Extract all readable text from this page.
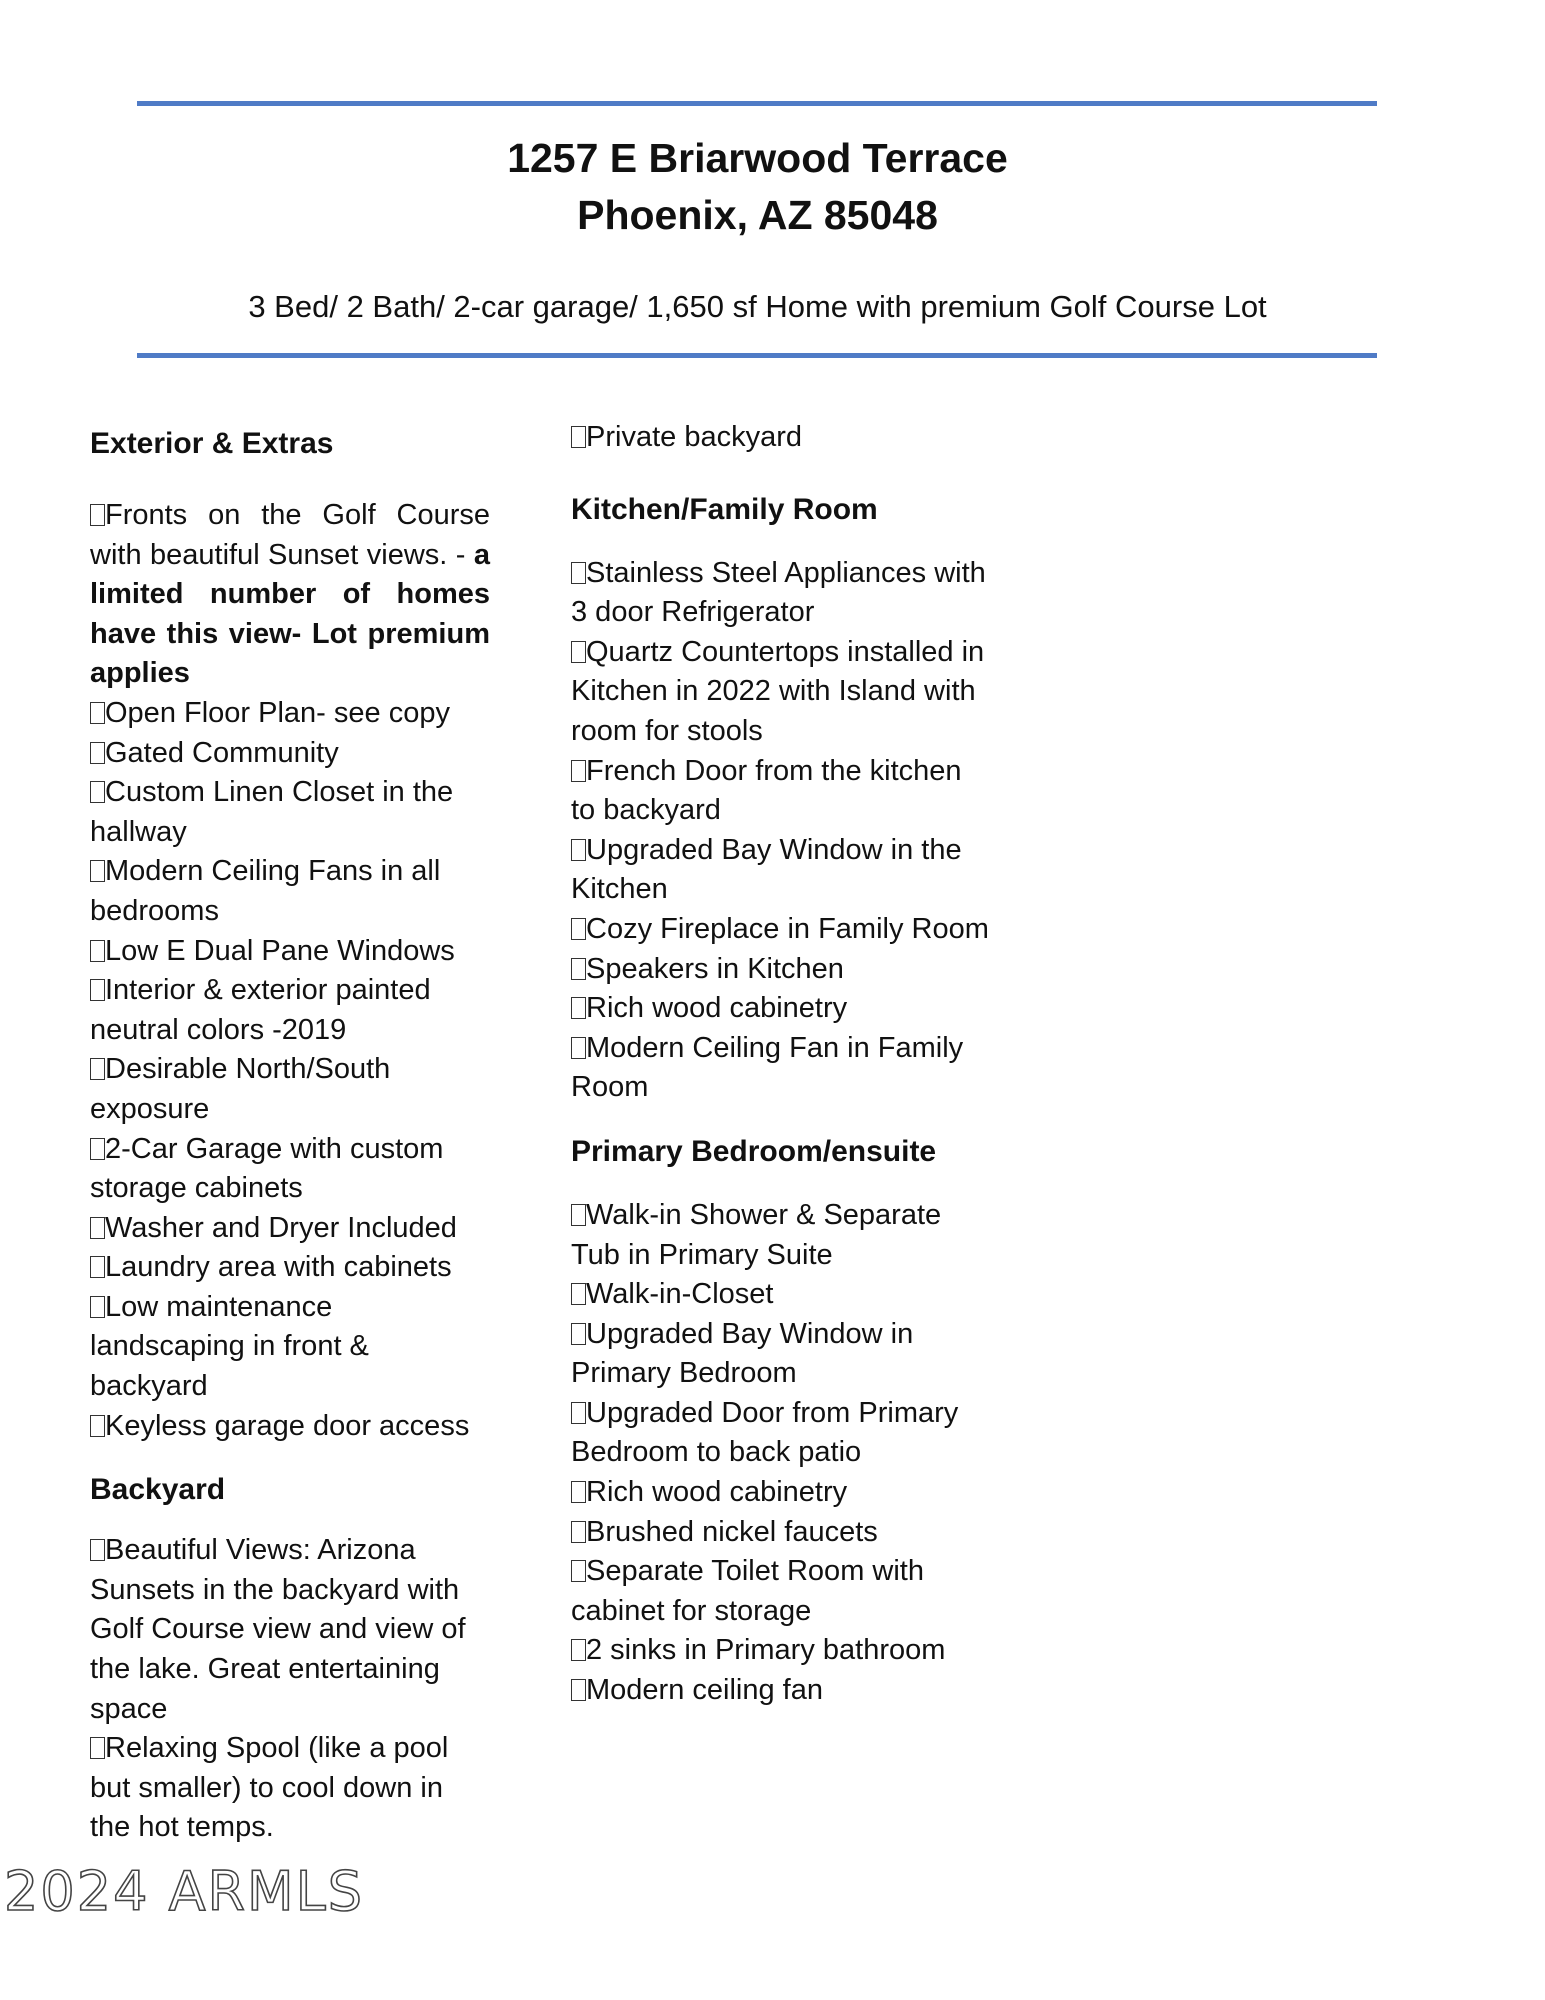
1257 E Briarwood Terrace
Phoenix, AZ 85048
3 Bed/ 2 Bath/ 2-car garage/ 1,650 sf Home with premium Golf Course Lot
Exterior & Extras
Fronts on the Golf Course with beautiful Sunset views. - a limited number of homes have this view- Lot premium applies
Open Floor Plan- see copy
Gated Community
Custom Linen Closet in the hallway
Modern Ceiling Fans in all bedrooms
Low E Dual Pane Windows
Interior & exterior painted neutral colors -2019
Desirable North/South exposure
2-Car Garage with custom storage cabinets
Washer and Dryer Included
Laundry area with cabinets
Low maintenance landscaping in front & backyard
Keyless garage door access
Backyard
Beautiful Views: Arizona Sunsets in the backyard with Golf Course view and view of the lake. Great entertaining space
Relaxing Spool (like a pool but smaller) to cool down in the hot temps.
Private backyard
Kitchen/Family Room
Stainless Steel Appliances with 3 door Refrigerator
Quartz Countertops installed in Kitchen in 2022 with Island with room for stools
French Door from the kitchen to backyard
Upgraded Bay Window in the Kitchen
Cozy Fireplace in Family Room
Speakers in Kitchen
Rich wood cabinetry
Modern Ceiling Fan in Family Room
Primary Bedroom/ensuite
Walk-in Shower & Separate Tub in Primary Suite
Walk-in-Closet
Upgraded Bay Window in Primary Bedroom
Upgraded Door from Primary Bedroom to back patio
Rich wood cabinetry
Brushed nickel faucets
Separate Toilet Room with cabinet for storage
2 sinks in Primary bathroom
Modern ceiling fan
2024 ARMLS
